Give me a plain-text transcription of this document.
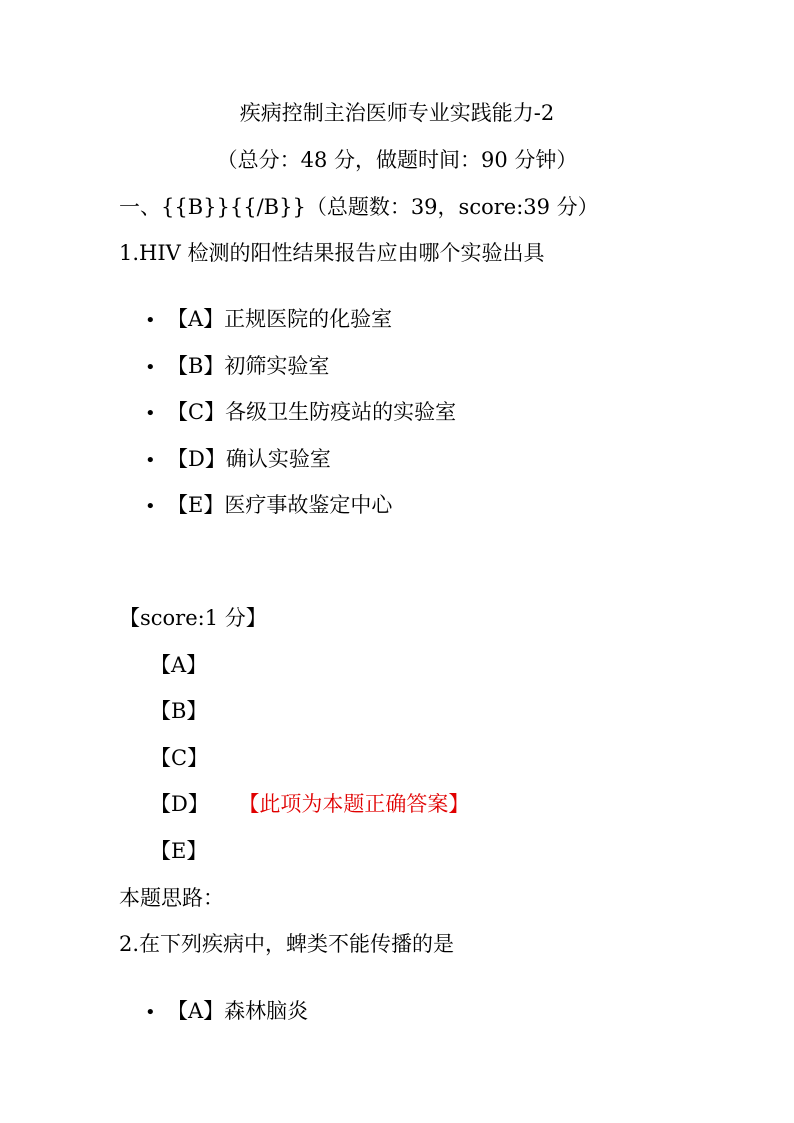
疾病控制主治医师专业实践能力-2
（总分：48 分，做题时间：90 分钟）
一、{{B}}{{/B}}（总题数：39，score:39 分）
1.HIV 检测的阳性结果报告应由哪个实验出具
• 【A】正规医院的化验室
• 【B】初筛实验室
• 【C】各级卫生防疫站的实验室
• 【D】确认实验室
• 【E】医疗事故鉴定中心
【score:1 分】
【A】
【B】
【C】
【D】 【此项为本题正确答案】
【E】
本题思路：
2.在下列疾病中，蜱类不能传播的是
• 【A】森林脑炎
